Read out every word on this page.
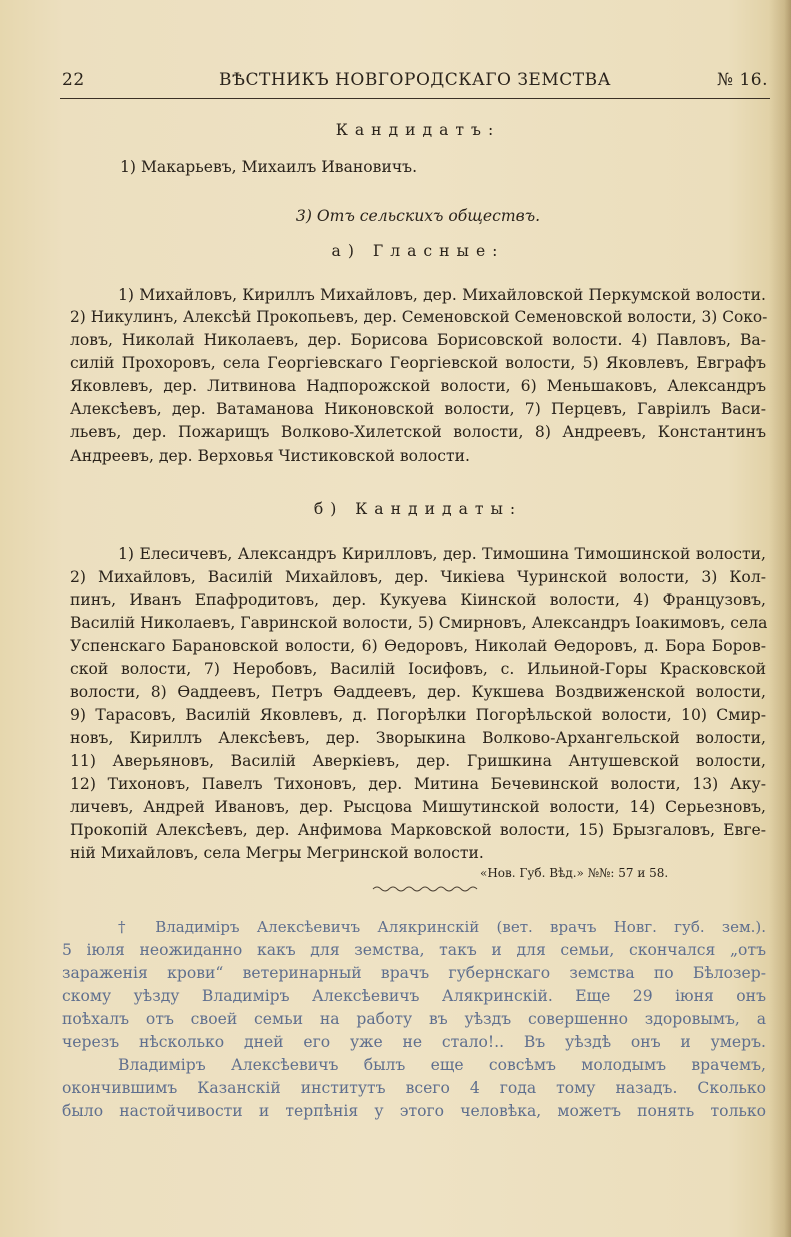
22	ВѢСТНИКЪ НОВГОРОДСКАГО ЗЕМСТВА	№ 16.
Кандидатъ:
1) Макарьевъ, Михаилъ Ивановичъ.
3) Отъ сельскихъ обществъ.
а) Гласные:
1) Михайловъ, Кириллъ Михайловъ, дер. Михайловской Перкумской волости.
2) Никулинъ, Алексѣй Прокопьевъ, дер. Семеновской Семеновской волости, 3) Соко-
ловъ, Николай Николаевъ, дер. Борисова Борисовской волости. 4) Павловъ, Ва-
силій Прохоровъ, села Георгіевскаго Георгіевской волости, 5) Яковлевъ, Евграфъ
Яковлевъ, дер. Литвинова Надпорожской волости, 6) Меньшаковъ, Александръ
Алексѣевъ, дер. Ватаманова Никоновской волости, 7) Перцевъ, Гавріилъ Васи-
льевъ, дер. Пожарищъ Волково-Хилетской волости, 8) Андреевъ, Константинъ
Андреевъ, дер. Верховья Чистиковской волости.
б) Кандидаты:
1) Елесичевъ, Александръ Кирилловъ, дер. Тимошина Тимошинской волости,
2) Михайловъ, Василій Михайловъ, дер. Чикіева Чуринской волости, 3) Кол-
пинъ, Иванъ Епафродитовъ, дер. Кукуева Кіинской волости, 4) Французовъ,
Василій Николаевъ, Гавринской волости, 5) Смирновъ, Александръ Іоакимовъ, села
Успенскаго Барановской волости, 6) Өедоровъ, Николай Өедоровъ, д. Бора Боров-
ской волости, 7) Неробовъ, Василій Іосифовъ, с. Ильиной-Горы Красковской
волости, 8) Өаддеевъ, Петръ Өаддеевъ, дер. Кукшева Воздвиженской волости,
9) Тарасовъ, Василій Яковлевъ, д. Погорѣлки Погорѣльской волости, 10) Смир-
новъ, Кириллъ Алексѣевъ, дер. Зворыкина Волково-Архангельской волости,
11) Аверьяновъ, Василій Аверкіевъ, дер. Гришкина Антушевской волости,
12) Тихоновъ, Павелъ Тихоновъ, дер. Митина Бечевинской волости, 13) Аку-
личевъ, Андрей Ивановъ, дер. Рысцова Мишутинской волости, 14) Серьезновъ,
Прокопій Алексѣевъ, дер. Анфимова Марковской волости, 15) Брызгаловъ, Евге-
ній Михайловъ, села Мегры Мегринской волости.
«Нов. Губ. Вѣд.» №№: 57 и 58.
† Владиміръ Алексѣевичъ Алякринскій (вет. врачъ Новг. губ. зем.).
5 іюля неожиданно какъ для земства, такъ и для семьи, скончался „отъ
зараженія крови“ ветеринарный врачъ губернскаго земства по Бѣлозер-
скому уѣзду Владиміръ Алексѣевичъ Алякринскій. Еще 29 іюня онъ
поѣхалъ отъ своей семьи на работу въ уѣздъ совершенно здоровымъ, а
черезъ нѣсколько дней его уже не стало!.. Въ уѣздѣ онъ и умеръ.
Владиміръ Алексѣевичъ былъ еще совсѣмъ молодымъ врачемъ,
окончившимъ Казанскій институтъ всего 4 года тому назадъ. Сколько
было настойчивости и терпѣнія у этого человѣка, можетъ понять только
